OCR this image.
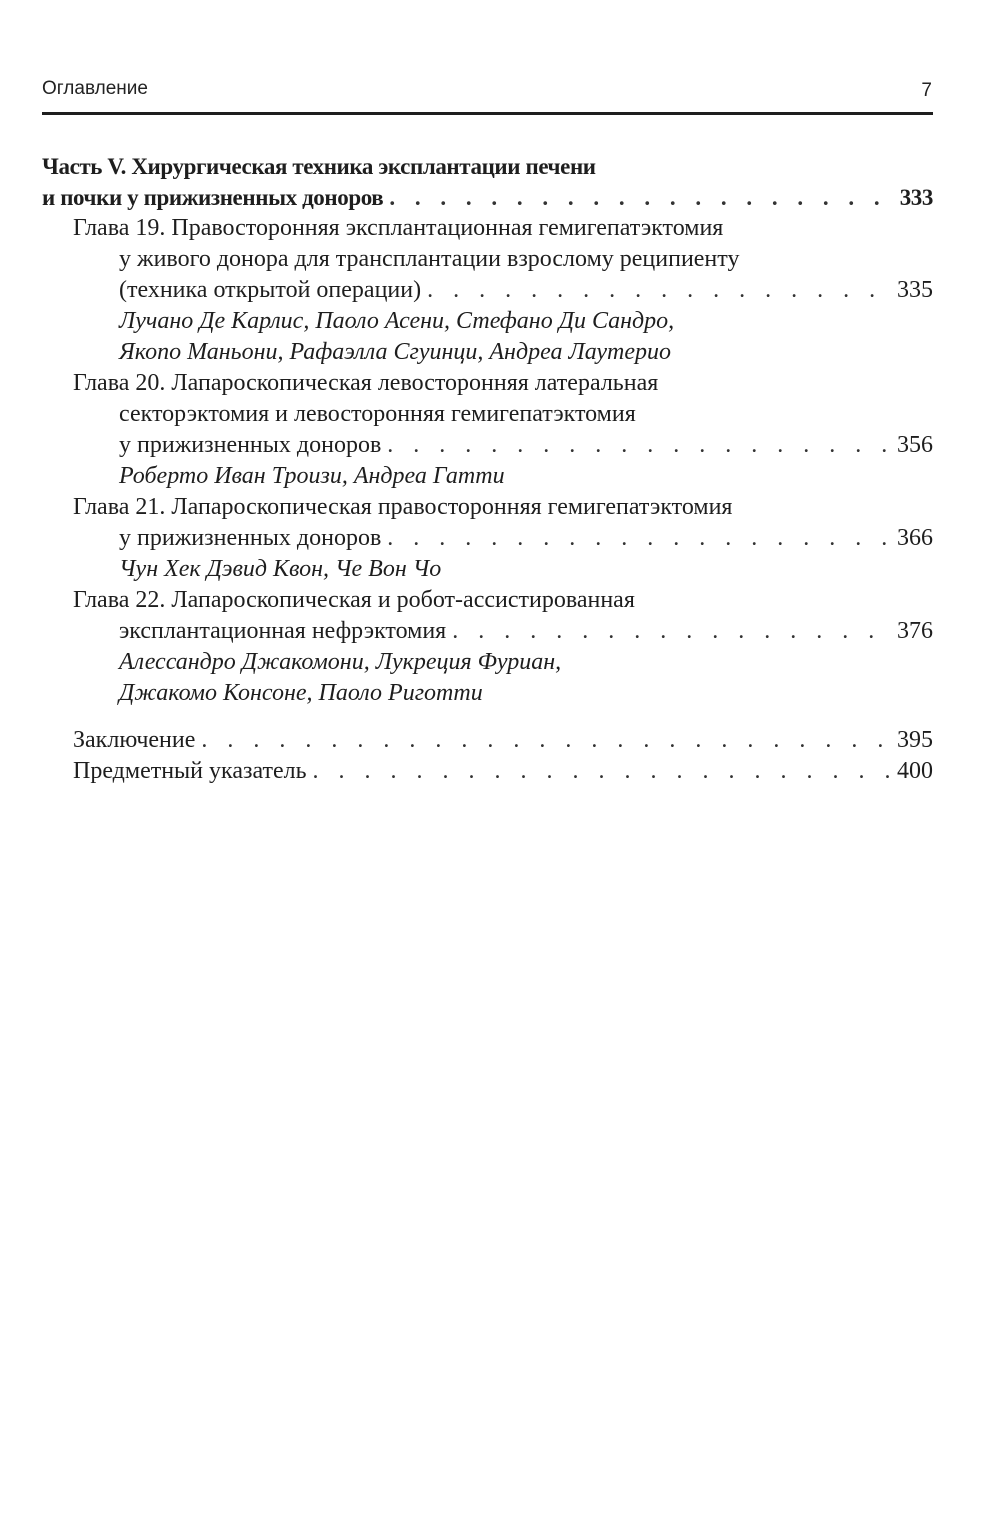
Оглавление	7
Часть V. Хирургическая техника эксплантации печени
и почки у прижизненных доноров . . .	333
Глава 19. Правосторонняя эксплантационная гемигепатэктомия
у живого донора для трансплантации взрослому реципиенту
(техника открытой операции) . . .	335
Лучано Де Карлис, Паоло Асени, Стефано Ди Сандро,
Якопо Маньони, Рафаэлла Сгуинци, Андреа Лаутерио
Глава 20. Лапароскопическая левосторонняя латеральная
секторэктомия и левосторонняя гемигепатэктомия
у прижизненных доноров . . .	356
Роберто Иван Троизи, Андреа Гатти
Глава 21. Лапароскопическая правосторонняя гемигепатэктомия
у прижизненных доноров . . .	366
Чун Хек Дэвид Квон, Че Вон Чо
Глава 22. Лапароскопическая и робот-ассистированная
эксплантационная нефрэктомия . . .	376
Алессандро Джакомони, Лукреция Фуриан,
Джакомо Консоне, Паоло Риготти
Заключение . . .	395
Предметный указатель . . .	400
